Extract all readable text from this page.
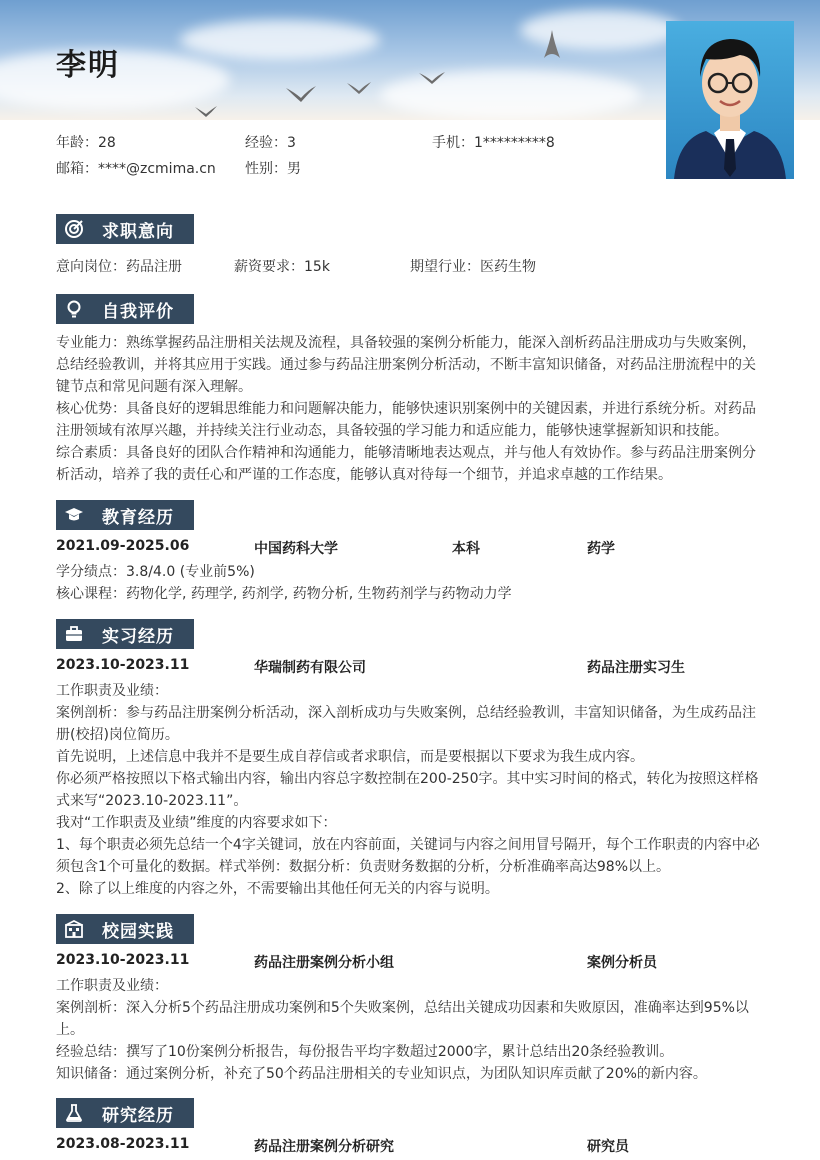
李明
年龄：28	经验：3	手机：1*********8
邮箱：****@zcmima.cn 性别：男
求职意向
意向岗位：药品注册	薪资要求：15k	期望行业：医药生物
自我评价

专业能力：熟练掌握药品注册相关法规及流程，具备较强的案例分析能力，能深入剖析药品注册成功与失败案例，总结经验教训，并将其应用于实践。通过参与药品注册案例分析活动，不断丰富知识储备，对药品注册流程中的关键节点和常见问题有深入理解。

核心优势：具备良好的逻辑思维能力和问题解决能力，能够快速识别案例中的关键因素，并进行系统分析。对药品注册领域有浓厚兴趣，并持续关注行业动态，具备较强的学习能力和适应能力，能够快速掌握新知识和技能。

综合素质：具备良好的团队合作精神和沟通能力，能够清晰地表达观点，并与他人有效协作。参与药品注册案例分析活动，培养了我的责任心和严谨的工作态度，能够认真对待每一个细节，并追求卓越的工作结果。

教育经历
2021.09-2025.06	中国药科大学	本科	药学
学分绩点：3.8/4.0 (专业前5%)
核心课程：药物化学, 药理学, 药剂学, 药物分析, 生物药剂学与药物动力学
实习经历
2023.10-2023.11	华瑞制药有限公司	药品注册实习生

工作职责及业绩：

案例剖析：参与药品注册案例分析活动，深入剖析成功与失败案例，总结经验教训，丰富知识储备，为生成药品注册(校招)岗位简历。

首先说明，上述信息中我并不是要生成自荐信或者求职信，而是要根据以下要求为我生成内容。

你必须严格按照以下格式输出内容，输出内容总字数控制在200-250字。其中实习时间的格式，转化为按照这样格式来写“2023.10-2023.11”。

我对“工作职责及业绩”维度的内容要求如下：

1、每个职责必须先总结一个4字关键词，放在内容前面，关键词与内容之间用冒号隔开，每个工作职责的内容中必须包含1个可量化的数据。样式举例：数据分析：负责财务数据的分析，分析准确率高达98%以上。

2、除了以上维度的内容之外，不需要输出其他任何无关的内容与说明。

校园实践
2023.10-2023.11	药品注册案例分析小组	案例分析员

工作职责及业绩：

案例剖析：深入分析5个药品注册成功案例和5个失败案例，总结出关键成功因素和失败原因，准确率达到95%以上。

经验总结：撰写了10份案例分析报告，每份报告平均字数超过2000字，累计总结出20条经验教训。

知识储备：通过案例分析，补充了50个药品注册相关的专业知识点，为团队知识库贡献了20%的新内容。

研究经历
2023.08-2023.11	药品注册案例分析研究	研究员
